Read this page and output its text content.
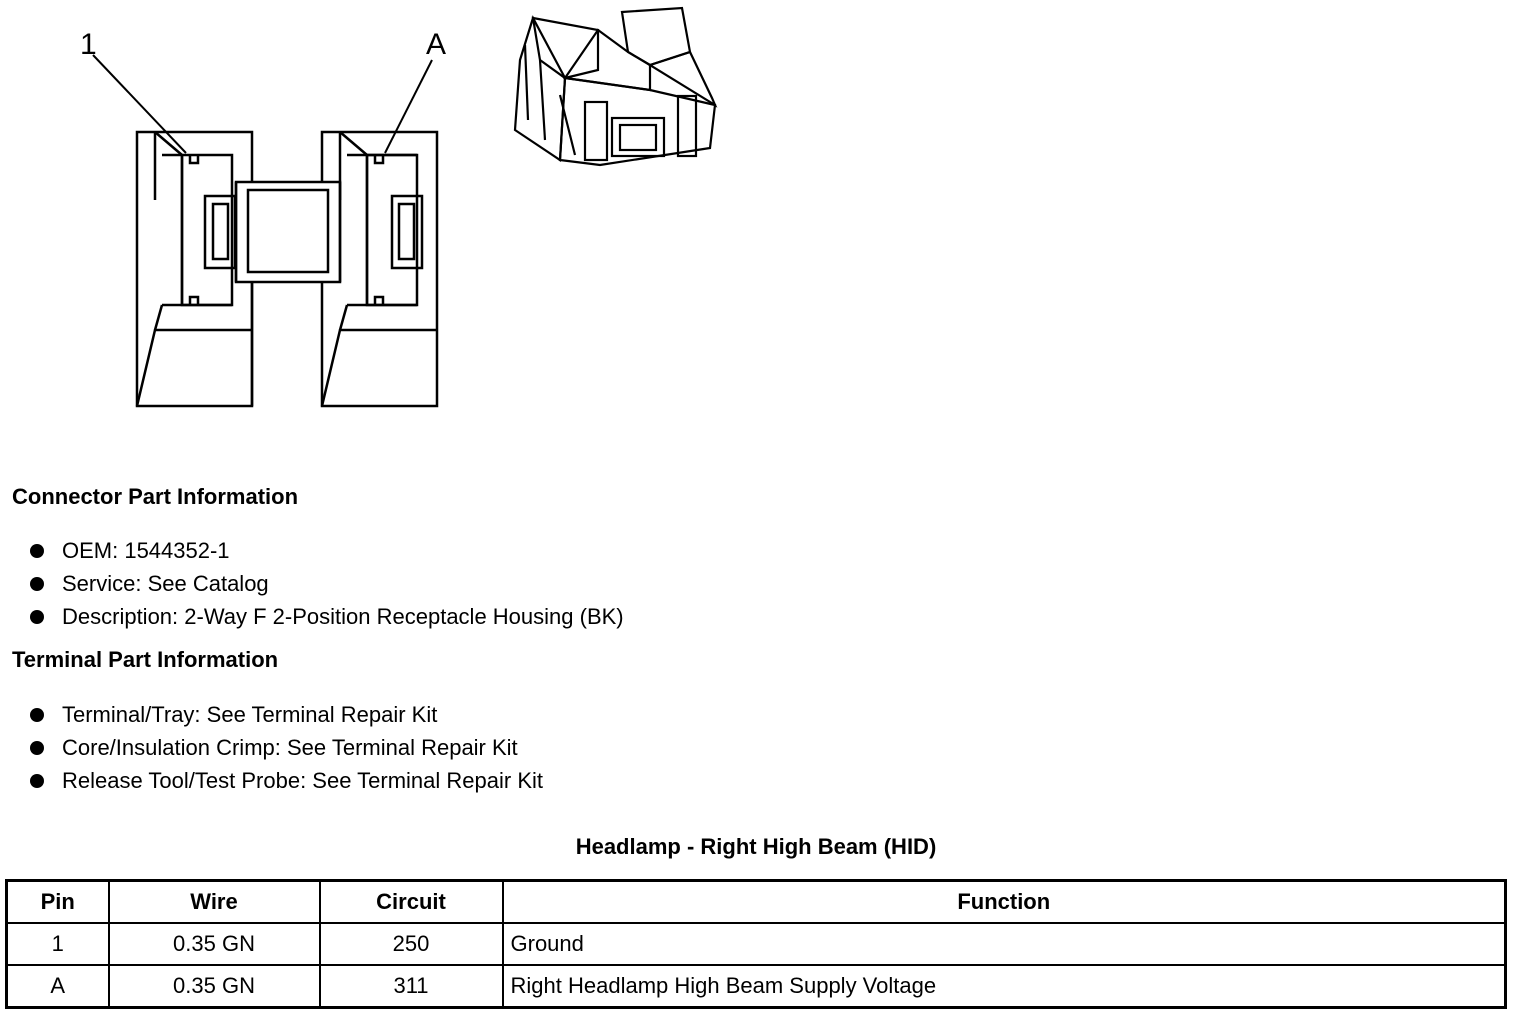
1	A
Connector Part Information
OEM: 1544352-1
Service: See Catalog
Description: 2-Way F 2-Position Receptacle Housing (BK)
Terminal Part Information
Terminal/Tray: See Terminal Repair Kit
Core/Insulation Crimp: See Terminal Repair Kit
Release Tool/Test Probe: See Terminal Repair Kit
Headlamp - Right High Beam (HID)
Pin	Wire	Circuit	Function
1	0.35 GN	250	Ground
A	0.35 GN	311	Right Headlamp High Beam Supply Voltage
